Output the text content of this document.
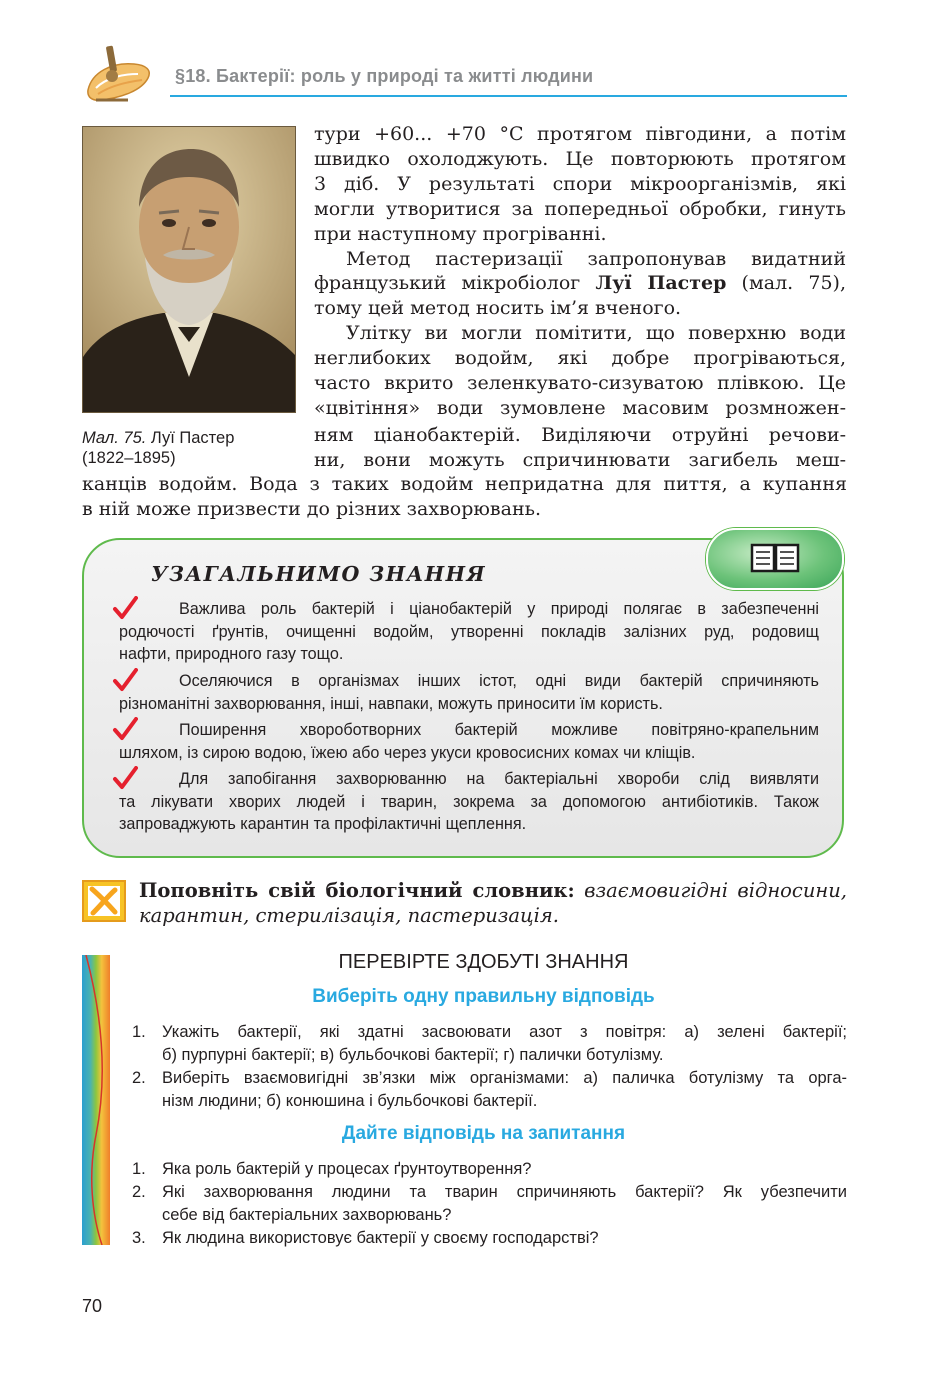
§18. Бактерії: роль у природі та житті людини
Мал. 75. Луї Пастер
(1822–1895)

тури +60... +70 °С протягом півгодини, а потім

швидко охолоджують. Це повторюють протягом

3 діб. У результаті спори мікроорганізмів, які

могли утворитися за попередньої обробки, гинуть

при наступному прогріванні.

Метод пастеризації запропонував видатний

французький мікробіолог Луї Пастер (мал. 75),

тому цей метод носить ім’я вченого.

Улітку ви могли помітити, що поверхню води

неглибоких водойм, які добре прогріваються,

часто вкрито зеленкувато-сизуватою плівкою. Це

«цвітіння» води зумовлене масовим розмножен-

ням ціанобактерій. Виділяючи отруйні речови-

ни, вони можуть спричинювати загибель меш-

канців водойм. Вода з таких водойм непридатна для пиття, а купання

в ній може призвести до різних захворювань.

УЗАГАЛЬНИМО ЗНАННЯ
Важлива роль бактерій і ціанобактерій у природі полягає в забезпеченні
родючості ґрунтів, очищенні водойм, утворенні покладів залізних руд, родовищ
нафти, природного газу тощо.
Оселяючися в організмах інших істот, одні види бактерій спричиняють
різноманітні захворювання, інші, навпаки, можуть приносити їм користь.
Поширення хвороботворних бактерій можливе повітряно-крапельним
шляхом, із сирою водою, їжею або через укуси кровосисних комах чи кліщів.
Для запобігання захворюванню на бактеріальні хвороби слід виявляти
та лікувати хворих людей і тварин, зокрема за допомогою антибіотиків. Також
запроваджують карантин та профілактичні щеплення.
Поповніть свій біологічний словник: взаємовигідні відносини,
карантин, стерилізація, пастеризація.
ПЕРЕВІРТЕ ЗДОБУТІ ЗНАННЯ
Виберіть одну правильну відповідь
1. Укажіть бактерії, які здатні засвоювати азот з повітря: а) зелені бактерії;
б) пурпурні бактерії; в) бульбочкові бактерії; г) палички ботулізму.
2. Виберіть взаємовигідні зв’язки між організмами: а) паличка ботулізму та орга-
нізм людини; б) конюшина і бульбочкові бактерії.
Дайте відповідь на запитання
1. Яка роль бактерій у процесах ґрунтоутворення?
2. Які захворювання людини та тварин спричиняють бактерії? Як убезпечити
себе від бактеріальних захворювань?
3. Як людина використовує бактерії у своєму господарстві?
70
